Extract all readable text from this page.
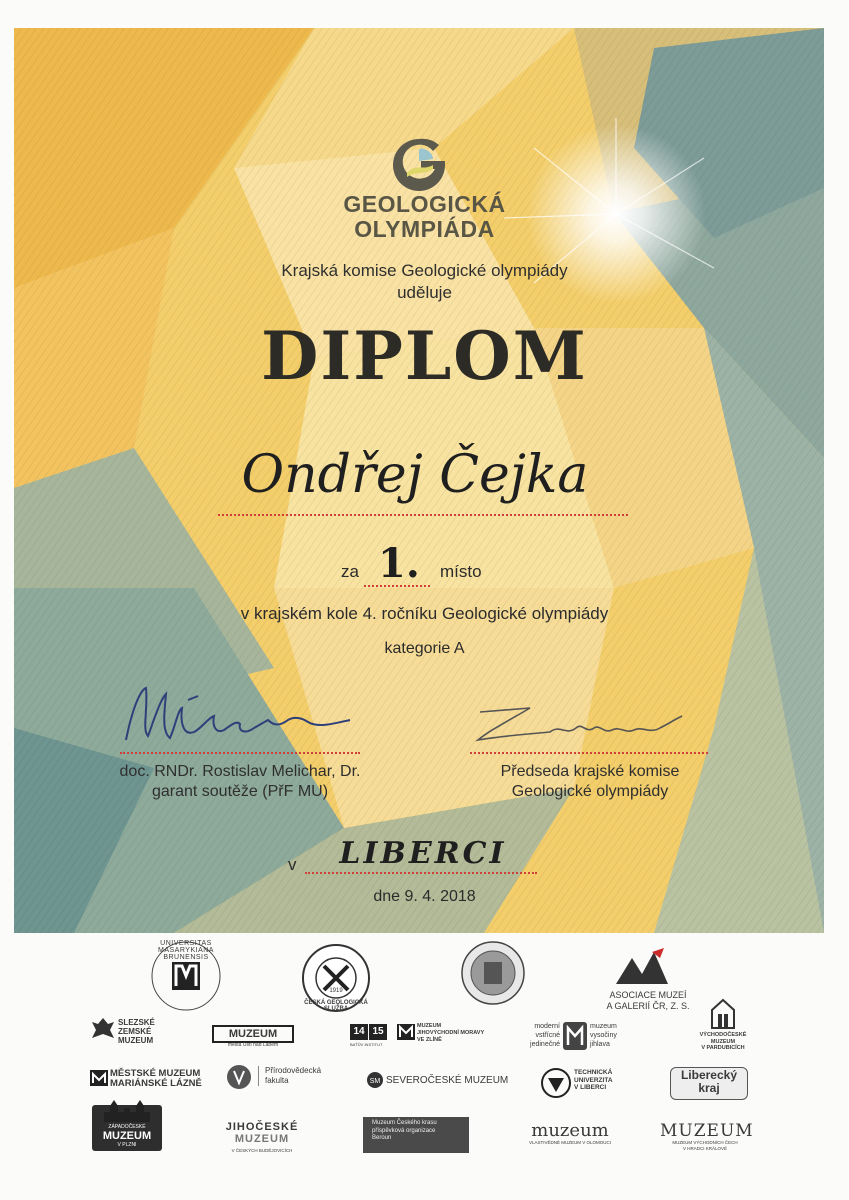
GEOLOGICKÁ
OLYMPIÁDA
Krajská komise Geologické olympiády
uděluje
DIPLOM
Ondřej Čejka
za 1. místo
v krajském kole 4. ročníku Geologické olympiády
kategorie A
doc. RNDr. Rostislav Melichar, Dr.
garant soutěže (PřF MU)
Předseda krajské komise
Geologické olympiády
v	LIBERCI
dne 9. 4. 2018
UNIVERSITAS MASARYKIANA BRUNENSIS
ČESKÁ GEOLOGICKÁ SLUŽBA
1919	ASOCIACE MUZEÍ
A GALERIÍ ČR, Z. S.
SLEZSKÉ
ZEMSKÉ
MUZEUM
MUZEUM
města Ústí nad Labem
14 15
BAŤŮV INSTITUT
MUZEUM
JIHOVÝCHODNÍ MORAVY
VE ZLÍNĚ
moderní
vstřícné
jedinečné
muzeum
vysočiny
jihlava
VÝCHODOČESKÉ
MUZEUM
V PARDUBICÍCH
MĚSTSKÉ MUZEUM
MARIÁNSKÉ LÁZNĚ
Přírodovědecká
fakulta	SM SEVEROČESKÉ MUZEUM
TECHNICKÁ
UNIVERZITA
V LIBERCI
Liberecký
kraj
ZÁPADOČESKÉ
MUZEUM
V PLZNI
JIHOČESKÉ
MUZEUM
V ČESKÝCH BUDĚJOVICÍCH
Muzeum Českého krasu
příspěvková organizace
Beroun	muzeum
VLASTIVĚDNÉ MUZEUM V OLOMOUCI
MUZEUM
MUZEUM VÝCHODNÍCH ČECH
V HRADCI KRÁLOVÉ
